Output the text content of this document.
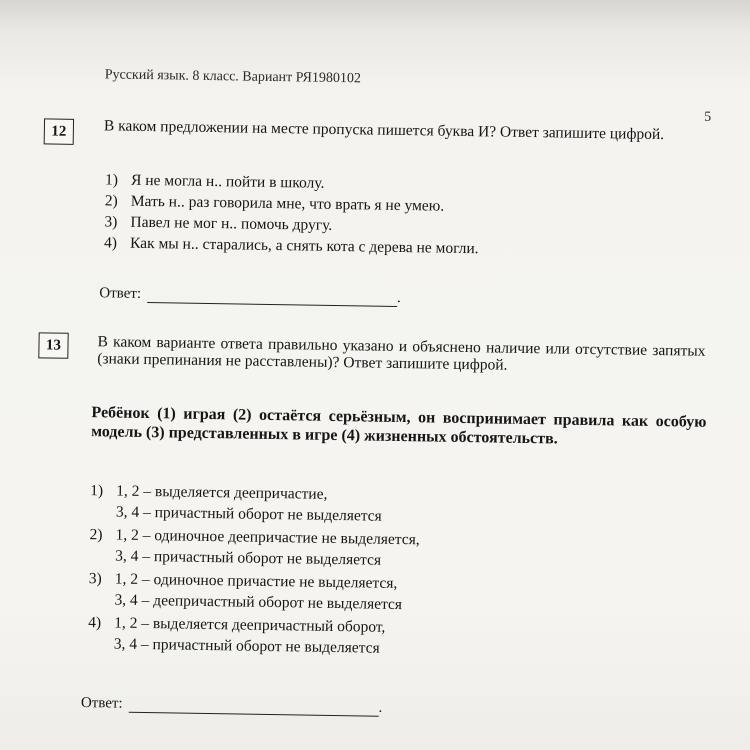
Русский язык. 8 класс. Вариант РЯ1980102
5
12	В каком предложении на месте пропуска пишется буква И? Ответ запишите цифрой.
1) Я не могла н.. пойти в школу.
2) Мать н.. раз говорила мне, что врать я не умею.
3) Павел не мог н.. помочь другу.
4) Как мы н.. старались, а снять кота с дерева не могли.
Ответ:	.
13	В каком варианте ответа правильно указано и объяснено наличие или отсутствие запятых (знаки препинания не расставлены)? Ответ запишите цифрой.
Ребёнок (1) играя (2) остаётся серьёзным, он воспринимает правила как особую модель (3) представленных в игре (4) жизненных обстоятельств.
1) 1, 2 – выделяется деепричастие,
3, 4 – причастный оборот не выделяется
2) 1, 2 – одиночное деепричастие не выделяется,
3, 4 – причастный оборот не выделяется
3) 1, 2 – одиночное причастие не выделяется,
3, 4 – деепричастный оборот не выделяется
4) 1, 2 – выделяется деепричастный оборот,
3, 4 – причастный оборот не выделяется
Ответ:	.
